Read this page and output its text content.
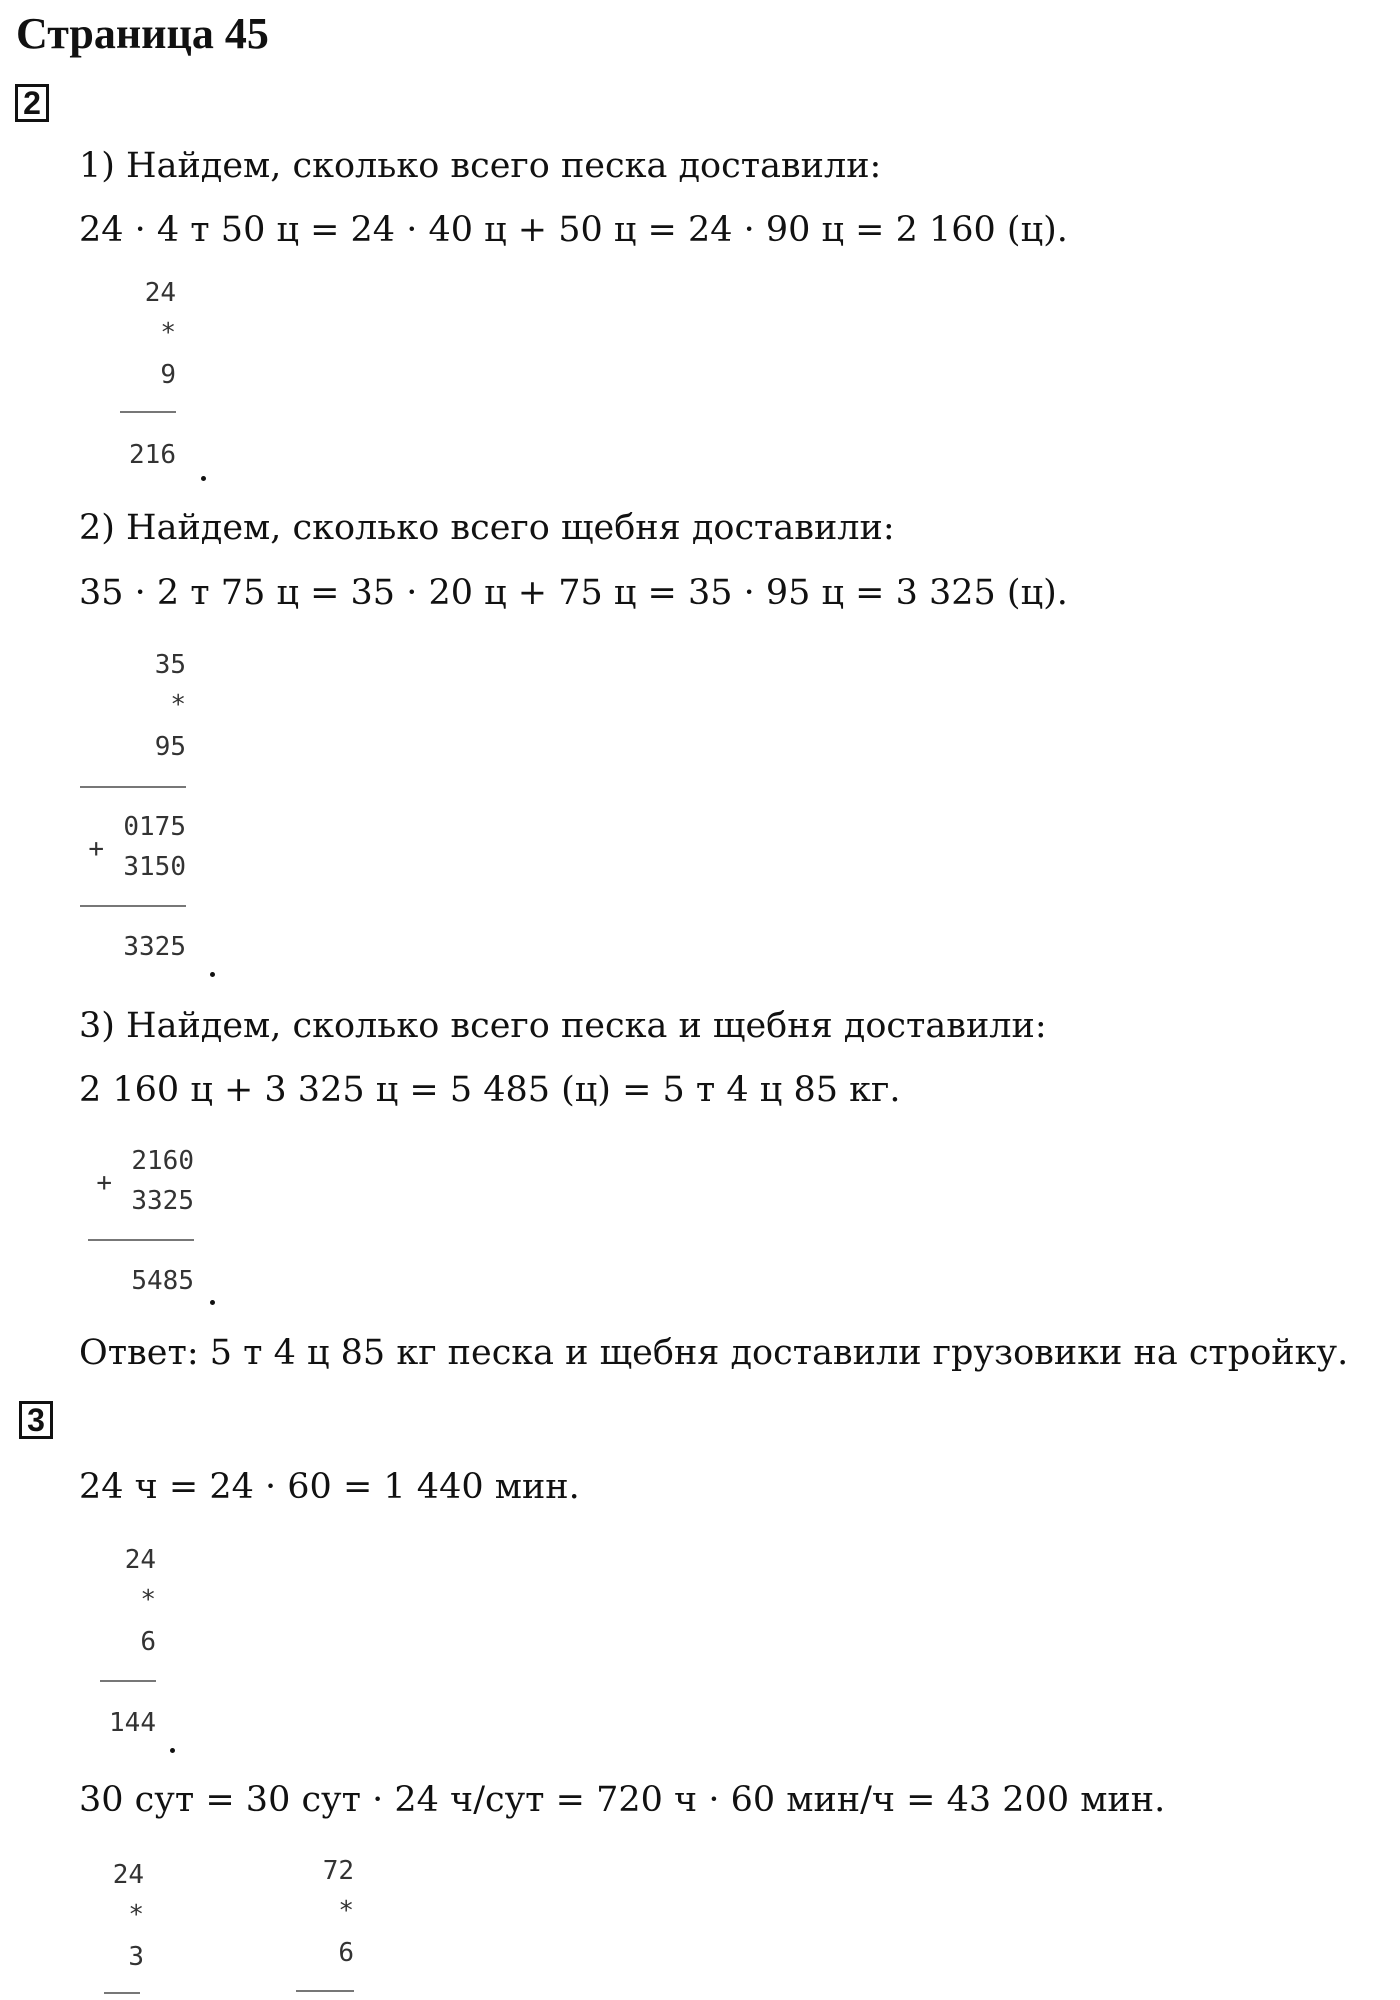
Страница 45
2
1) Найдем, сколько всего песка доставили:
24 · 4 т 50 ц = 24 · 40 ц + 50 ц = 24 · 90 ц = 2 160 (ц).
24
*
9
216
2) Найдем, сколько всего щебня доставили:
35 · 2 т 75 ц = 35 · 20 ц + 75 ц = 35 · 95 ц = 3 325 (ц).
35
*
95
0175
+
3150
3325
3) Найдем, сколько всего песка и щебня доставили:
2 160 ц + 3 325 ц = 5 485 (ц) = 5 т 4 ц 85 кг.
2160
+
3325
5485
Ответ: 5 т 4 ц 85 кг песка и щебня доставили грузовики на стройку.
3
24 ч = 24 · 60 = 1 440 мин.
24
*
6
144
30 сут = 30 сут · 24 ч/сут = 720 ч · 60 мин/ч = 43 200 мин.
24
*
3
72
*
6
